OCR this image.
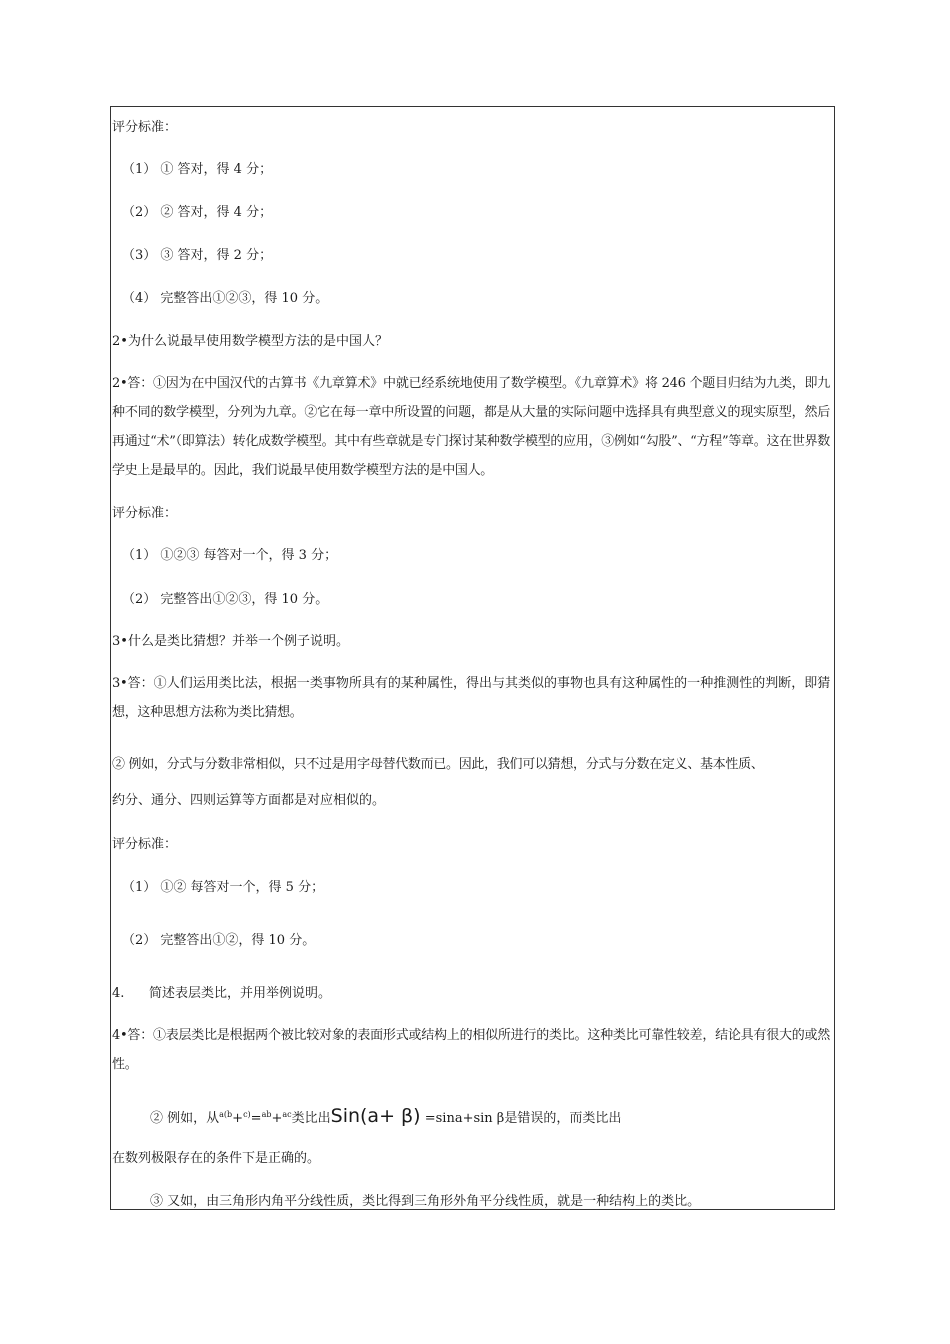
评分标准：
（1） ① 答对，得 4 分；
（2） ② 答对，得 4 分；
（3） ③ 答对，得 2 分；
（4） 完整答出①②③，得 10 分。
2•为什么说最早使用数学模型方法的是中国人？
2•答：①因为在中国汉代的古算书《九章算术》中就已经系统地使用了数学模型。《九章算术》将 246 个题目归结为九类，即九种不同的数学模型，分列为九章。②它在每一章中所设置的问题，都是从大量的实际问题中选择具有典型意义的现实原型，然后再通过“术”（即算法）转化成数学模型。其中有些章就是专门探讨某种数学模型的应用，③例如“勾股”、“方程”等章。这在世界数学史上是最早的。因此，我们说最早使用数学模型方法的是中国人。
评分标准：
（1） ①②③ 每答对一个，得 3 分；
（2） 完整答出①②③，得 10 分。
3•什么是类比猜想？并举一个例子说明。
3•答：①人们运用类比法，根据一类事物所具有的某种属性，得出与其类似的事物也具有这种属性的一种推测性的判断，即猜想，这种思想方法称为类比猜想。
② 例如，分式与分数非常相似，只不过是用字母替代数而已。因此，我们可以猜想，分式与分数在定义、基本性质、
约分、通分、四则运算等方面都是对应相似的。
评分标准：
（1） ①② 每答对一个，得 5 分；
（2） 完整答出①②，得 10 分。
4. 简述表层类比，并用举例说明。
4•答：①表层类比是根据两个被比较对象的表面形式或结构上的相似所进行的类比。这种类比可靠性较差，结论具有很大的或然性。
② 例如，从$^{a(b}$+$^{c)}$=$^{ab}$+$^{ac}$类比出Sin(a+ β) =sina+sin β是错误的，而类比出
在数列极限存在的条件下是正确的。
③ 又如，由三角形内角平分线性质，类比得到三角形外角平分线性质，就是一种结构上的类比。
